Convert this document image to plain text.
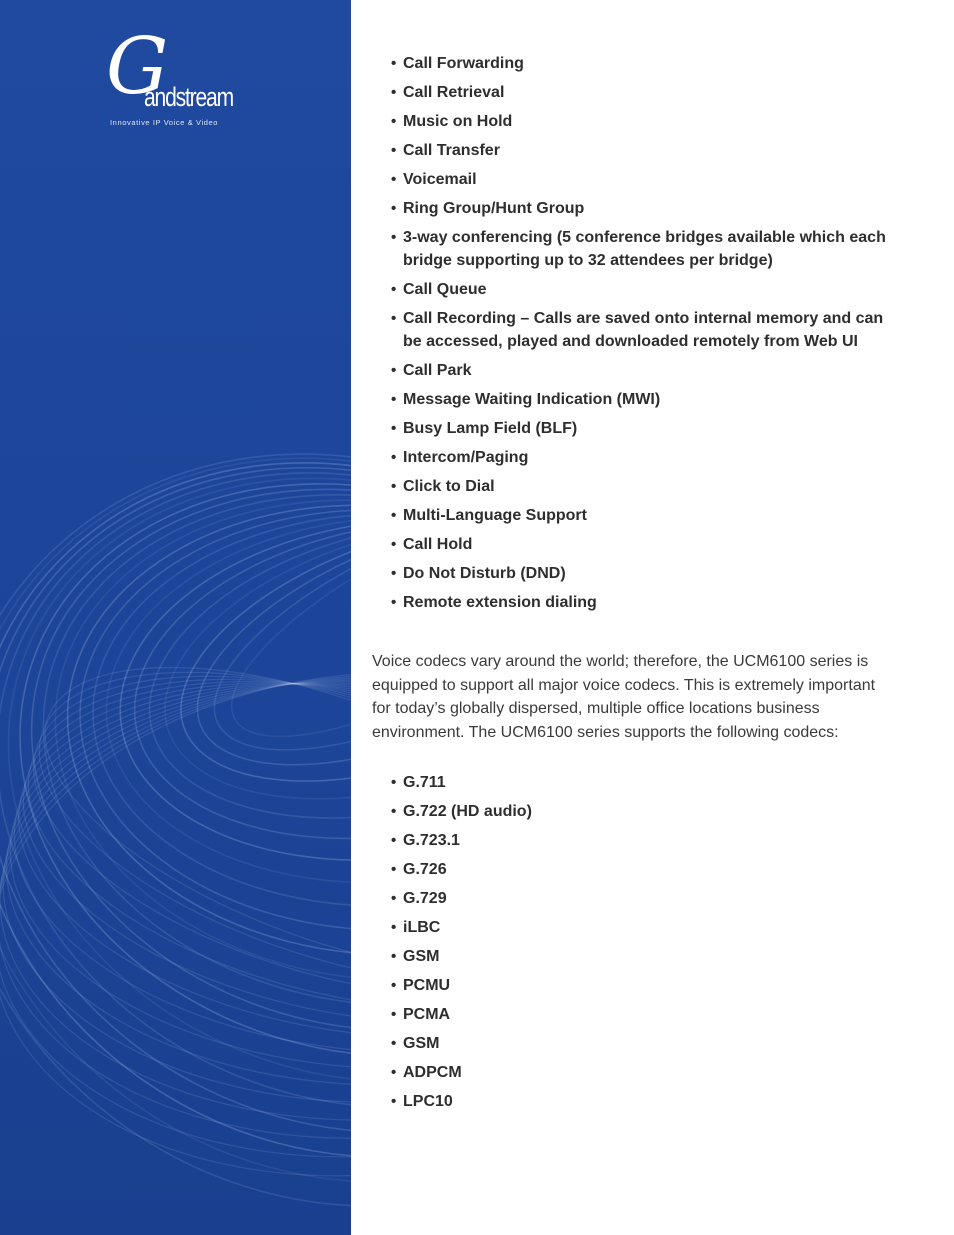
G
andstream
Innovative IP Voice & Video
• Call Forwarding
• Call Retrieval
• Music on Hold
• Call Transfer
• Voicemail
• Ring Group/Hunt Group
• 3-way conferencing (5 conference bridges available which each bridge supporting up to 32 attendees per bridge)
• Call Queue
• Call Recording – Calls are saved onto internal memory and can be accessed, played and downloaded remotely from Web UI
• Call Park
• Message Waiting Indication (MWI)
• Busy Lamp Field (BLF)
• Intercom/Paging
• Click to Dial
• Multi-Language Support
• Call Hold
• Do Not Disturb (DND)
• Remote extension dialing

Voice codecs vary around the world; therefore, the UCM6100 series is equipped to support all major voice codecs. This is extremely important for today’s globally dispersed, multiple office locations business environment. The UCM6100 series supports the following codecs:

• G.711
• G.722 (HD audio)
• G.723.1
• G.726
• G.729
• iLBC
• GSM
• PCMU
• PCMA
• GSM
• ADPCM
• LPC10
